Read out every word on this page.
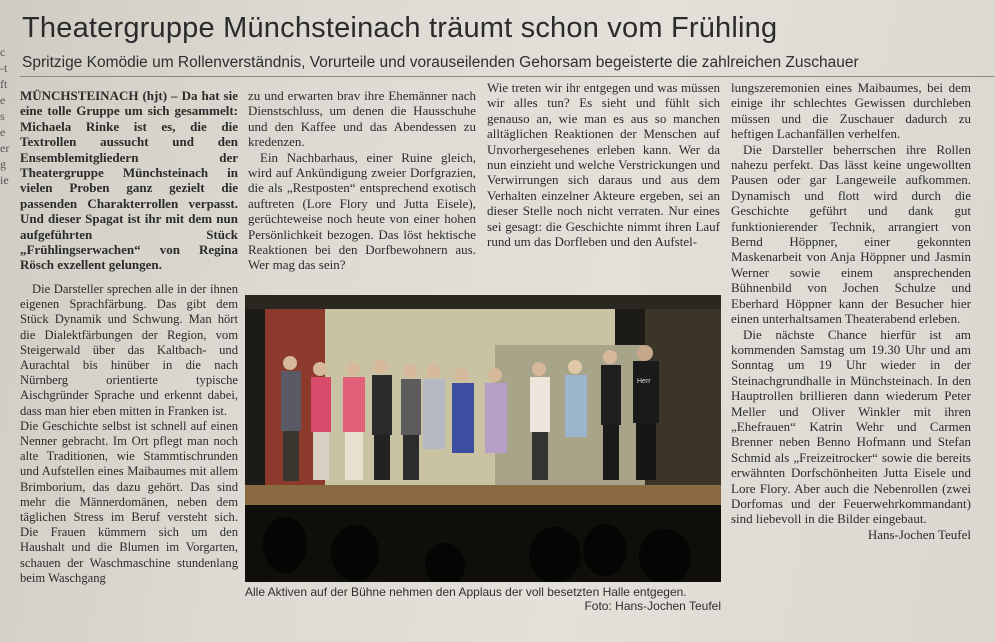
Theatergruppe Münchsteinach träumt schon vom Frühling
Spritzige Komödie um Rollenverständnis, Vorurteile und vorauseilenden Gehorsam begeisterte die zahlreichen Zuschauer
c
-t
ft
e
s
e
er
g
ie

MÜNCHSTEINACH (hjt) – Da hat sie eine tolle Gruppe um sich gesammelt: Michaela Rinke ist es, die die Textrollen aussucht und den Ensemblemitgliedern der Theatergruppe Münchsteinach in vielen Proben ganz gezielt die passenden Charakterrollen verpasst. Und dieser Spagat ist ihr mit dem nun aufgeführten Stück „Frühlingserwachen“ von Regina Rösch exzellent gelungen.

Die Darsteller sprechen alle in der ihnen eigenen Sprachfärbung. Das gibt dem Stück Dynamik und Schwung. Man hört die Dialektfärbungen der Region, vom Steigerwald über das Kaltbach- und Aurachtal bis hinüber in die nach Nürnberg orientierte typische Aischgründer Sprache und erkennt dabei, dass man hier eben mitten in Franken ist.

Die Geschichte selbst ist schnell auf einen Nenner gebracht. Im Ort pflegt man noch alte Traditionen, wie Stammtischrunden und Aufstellen eines Maibaumes mit allem Brimborium, das dazu gehört. Das sind mehr die Männerdomänen, neben dem täglichen Stress im Beruf versteht sich. Die Frauen kümmern sich um den Haushalt und die Blumen im Vorgarten, schauen der Waschmaschine stundenlang beim Waschgang

zu und erwarten brav ihre Ehemänner nach Dienstschluss, um denen die Hausschuhe und den Kaffee und das Abendessen zu kredenzen.

Ein Nachbarhaus, einer Ruine gleich, wird auf Ankündigung zweier Dorfgrazien, die als „Restposten“ entsprechend exotisch auftreten (Lore Flory und Jutta Eisele), gerüchteweise noch heute von einer hohen Persönlichkeit bezogen. Das löst hektische Reaktionen bei den Dorfbewohnern aus. Wer mag das sein?

Wie treten wir ihr entgegen und was müssen wir alles tun? Es sieht und fühlt sich genauso an, wie man es aus so manchen alltäglichen Reaktionen der Menschen auf Unvorhergesehenes erleben kann. Wer da nun einzieht und welche Verstrickungen und Verwirrungen sich daraus und aus dem Verhalten einzelner Akteure ergeben, sei an dieser Stelle noch nicht verraten. Nur eines sei gesagt: die Geschichte nimmt ihren Lauf rund um das Dorfleben und den Aufstel-

lungszeremonien eines Maibaumes, bei dem einige ihr schlechtes Gewissen durchleben müssen und die Zuschauer dadurch zu heftigen Lachanfällen verhelfen.

Die Darsteller beherrschen ihre Rollen nahezu perfekt. Das lässt keine ungewollten Pausen oder gar Langeweile aufkommen. Dynamisch und flott wird durch die Geschichte geführt und dank gut funktionierender Technik, arrangiert von Bernd Höppner, einer gekonnten Maskenarbeit von Anja Höppner und Jasmin Werner sowie einem ansprechenden Bühnenbild von Jochen Schulze und Eberhard Höppner kann der Besucher hier einen unterhaltsamen Theaterabend erleben.

Die nächste Chance hierfür ist am kommenden Samstag um 19.30 Uhr und am Sonntag um 19 Uhr wieder in der Steinachgrundhalle in Münchsteinach. In den Hauptrollen brillieren dann wiederum Peter Meller und Oliver Winkler mit ihren „Ehefrauen“ Katrin Wehr und Carmen Brenner neben Benno Hofmann und Stefan Schmid als „Freizeitrocker“ sowie die bereits erwähnten Dorfschönheiten Jutta Eisele und Lore Flory. Aber auch die Nebenrollen (zwei Dorfomas und der Feuerwehrkommandant) sind liebevoll in die Bilder eingebaut.

Hans-Jochen Teufel

Herr
Alle Aktiven auf der Bühne nehmen den Applaus der voll besetzten Halle entgegen.
Foto: Hans-Jochen Teufel
